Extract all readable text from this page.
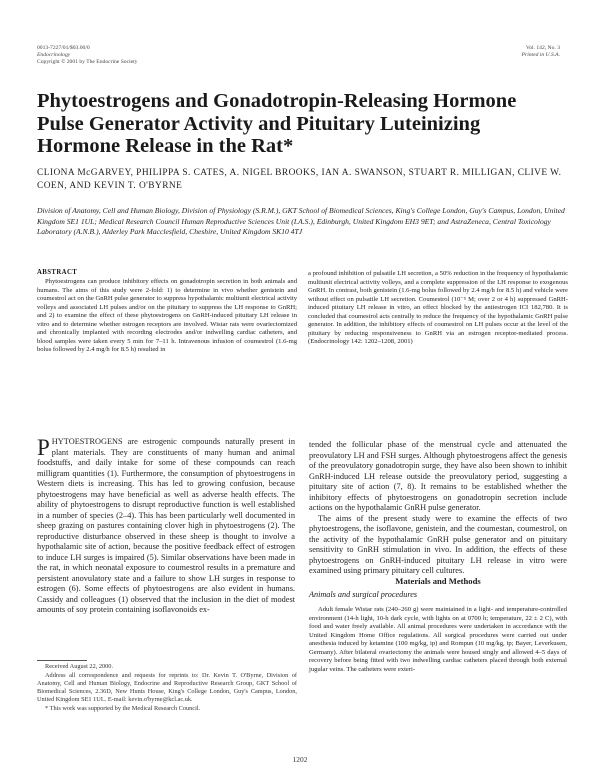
0013-7227/01/$03.00/0
Endocrinology
Copyright © 2001 by The Endocrine Society
Vol. 142, No. 3
Printed in U.S.A.
Phytoestrogens and Gonadotropin-Releasing Hormone Pulse Generator Activity and Pituitary Luteinizing Hormone Release in the Rat*
CLIONA McGARVEY, PHILIPPA S. CATES, A. NIGEL BROOKS, IAN A. SWANSON, STUART R. MILLIGAN, CLIVE W. COEN, AND KEVIN T. O'BYRNE
Division of Anatomy, Cell and Human Biology, Division of Physiology (S.R.M.), GKT School of Biomedical Sciences, King's College London, Guy's Campus, London, United Kingdom SE1 1UL; Medical Research Council Human Reproductive Sciences Unit (I.A.S.), Edinburgh, United Kingdom EH3 9ET; and AstraZeneca, Central Toxicology Laboratory (A.N.B.), Alderley Park Macclesfield, Cheshire, United Kingdom SK10 4TJ
ABSTRACT
Phytoestrogens can produce inhibitory effects on gonadotropin secretion in both animals and humans. The aims of this study were 2-fold: 1) to determine in vivo whether genistein and coumestrol act on the GnRH pulse generator to suppress hypothalamic multiunit electrical activity volleys and associated LH pulses and/or on the pituitary to suppress the LH response to GnRH; and 2) to examine the effect of these phytoestrogens on GnRH-induced pituitary LH release in vitro and to determine whether estrogen receptors are involved. Wistar rats were ovariectomized and chronically implanted with recording electrodes and/or indwelling cardiac catheters, and blood samples were taken every 5 min for 7–11 h. Intravenous infusion of coumestrol (1.6-mg bolus followed by 2.4 mg/h for 8.5 h) resulted in
a profound inhibition of pulsatile LH secretion, a 50% reduction in the frequency of hypothalamic multiunit electrical activity volleys, and a complete suppression of the LH response to exogenous GnRH. In contrast, both genistein (1.6-mg bolus followed by 2.4 mg/h for 8.5 h) and vehicle were without effect on pulsatile LH secretion. Coumestrol (10⁻⁵ M; over 2 or 4 h) suppressed GnRH-induced pituitary LH release in vitro, an effect blocked by the antiestrogen ICI 182,780. It is concluded that coumestrol acts centrally to reduce the frequency of the hypothalamic GnRH pulse generator. In addition, the inhibitory effects of coumestrol on LH pulses occur at the level of the pituitary by reducing responsiveness to GnRH via an estrogen receptor-mediated process. (Endocrinology 142: 1202–1208, 2001)

PHYTOESTROGENS are estrogenic compounds naturally present in plant materials. They are constituents of many human and animal foodstuffs, and daily intake for some of these compounds can reach milligram quantities (1). Furthermore, the consumption of phytoestrogens in Western diets is increasing. This has led to growing confusion, because phytoestrogens may have beneficial as well as adverse health effects. The ability of phytoestrogens to disrupt reproductive function is well established in a number of species (2–4). This has been particularly well documented in sheep grazing on pastures containing clover high in phytoestrogens (2). The reproductive disturbance observed in these sheep is thought to involve a hypothalamic site of action, because the positive feedback effect of estrogen to induce LH surges is impaired (5). Similar observations have been made in the rat, in which neonatal exposure to coumestrol results in a premature and persistent anovulatory state and a failure to show LH surges in response to estrogen (6). Some effects of phytoestrogens are also evident in humans. Cassidy and colleagues (1) observed that the inclusion in the diet of modest amounts of soy protein containing isoflavonoids ex-

tended the follicular phase of the menstrual cycle and attenuated the preovulatory LH and FSH surges. Although phytoestrogens affect the genesis of the preovulatory gonadotropin surge, they have also been shown to inhibit GnRH-induced LH release outside the preovulatory period, suggesting a pituitary site of action (7, 8). It remains to be established whether the inhibitory effects of phytoestrogens on gonadotropin secretion include actions on the hypothalamic GnRH pulse generator.

The aims of the present study were to examine the effects of two phytoestrogens, the isoflavone, genistein, and the coumestan, coumestrol, on the activity of the hypothalamic GnRH pulse generator and on pituitary sensitivity to GnRH stimulation in vivo. In addition, the effects of these phytoestrogens on GnRH-induced pituitary LH release in vitro were examined using primary pituitary cell cultures.

Materials and Methods
Animals and surgical procedures
Adult female Wistar rats (240–260 g) were maintained in a light- and temperature-controlled environment (14-h light, 10-h dark cycle, with lights on at 0700 h; temperature, 22 ± 2 C), with food and water freely available. All animal procedures were undertaken in accordance with the United Kingdom Home Office regulations. All surgical procedures were carried out under anesthesia induced by ketamine (100 mg/kg, ip) and Rompun (10 mg/kg, ip; Bayer, Leverkusen, Germany). After bilateral ovariectomy the animals were housed singly and allowed 4–5 days of recovery before being fitted with two indwelling cardiac catheters placed through both external jugular veins. The catheters were exteri-

Received August 22, 2000.

Address all correspondence and requests for reprints to: Dr. Kevin T. O'Byrne, Division of Anatomy, Cell and Human Biology, Endocrine and Reproductive Research Group, GKT School of Biomedical Sciences, 2.36D, New Hunts House, King's College London, Guy's Campus, London, United Kingdom SE1 1UL. E-mail: kevin.o'byrne@kcl.ac.uk.

* This work was supported by the Medical Research Council.

1202
